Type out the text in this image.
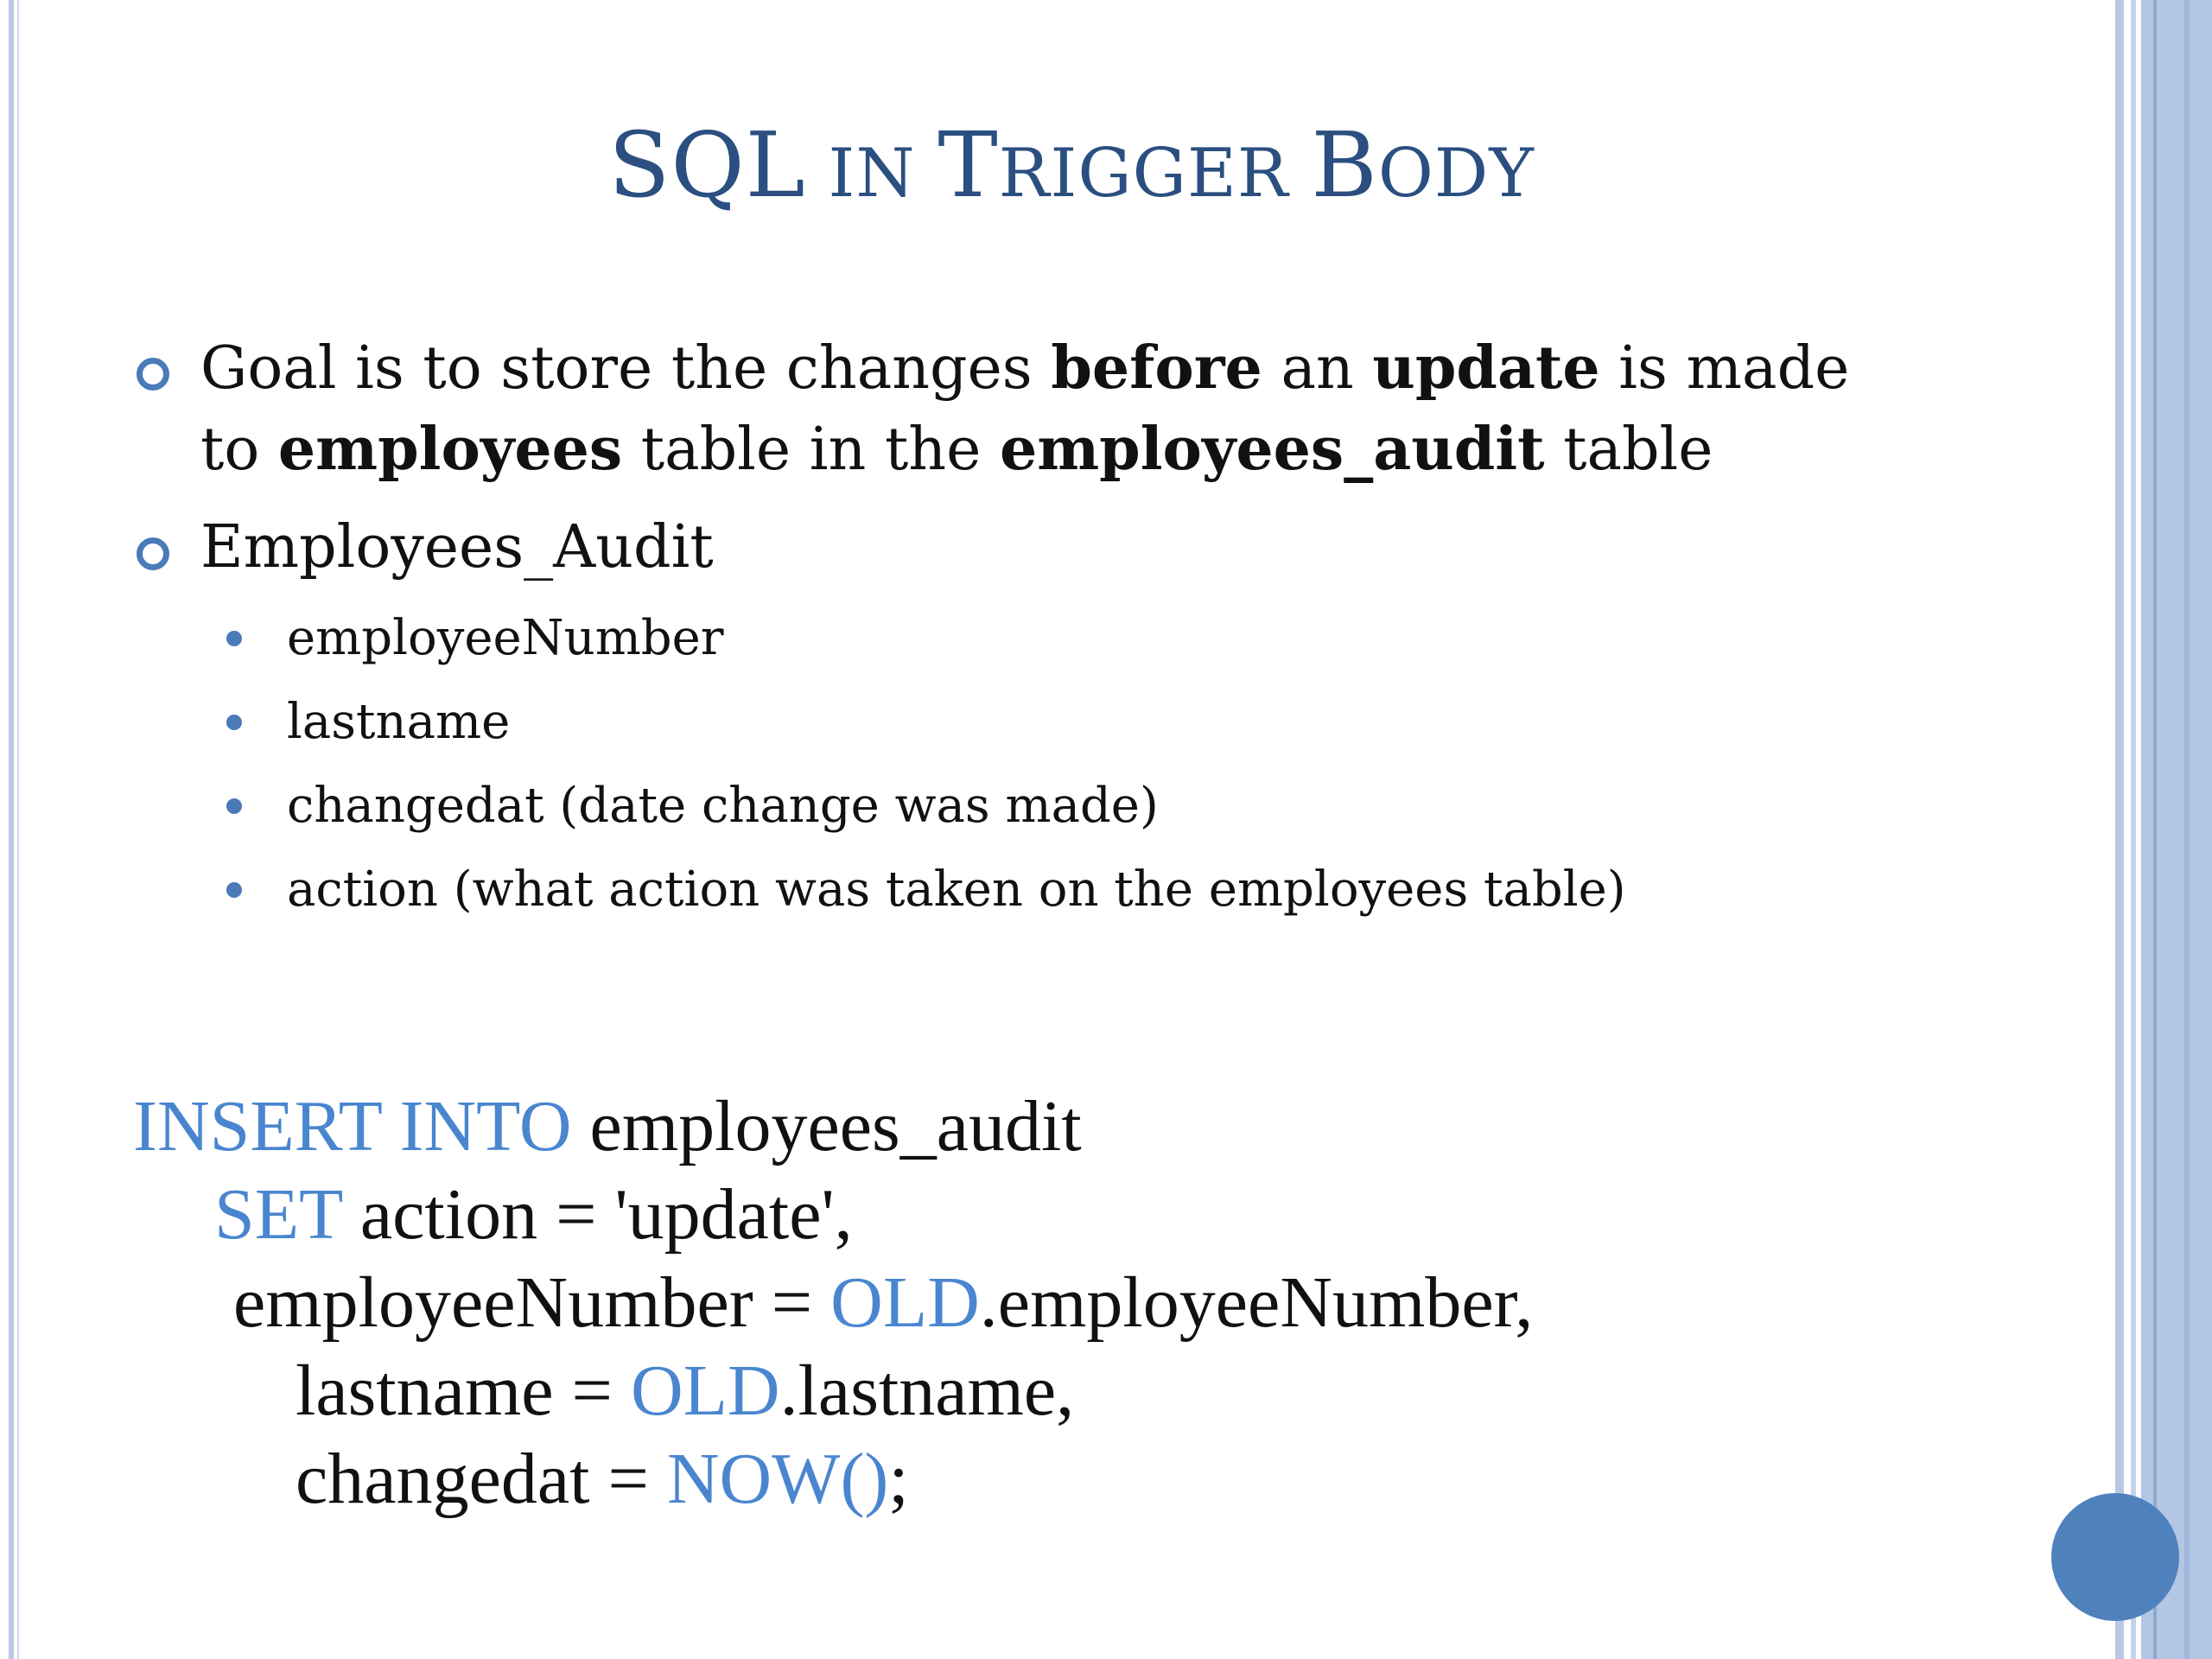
SQL IN TRIGGER BODY
Goal is to store the changes before an update is made
to employees table in the employees_audit table
Employees_Audit
employeeNumber
lastname
changedat (date change was made)
action (what action was taken on the employees table)
INSERT INTO employees_audit
SET action = 'update',
employeeNumber = OLD.employeeNumber,
lastname = OLD.lastname,
changedat = NOW();
